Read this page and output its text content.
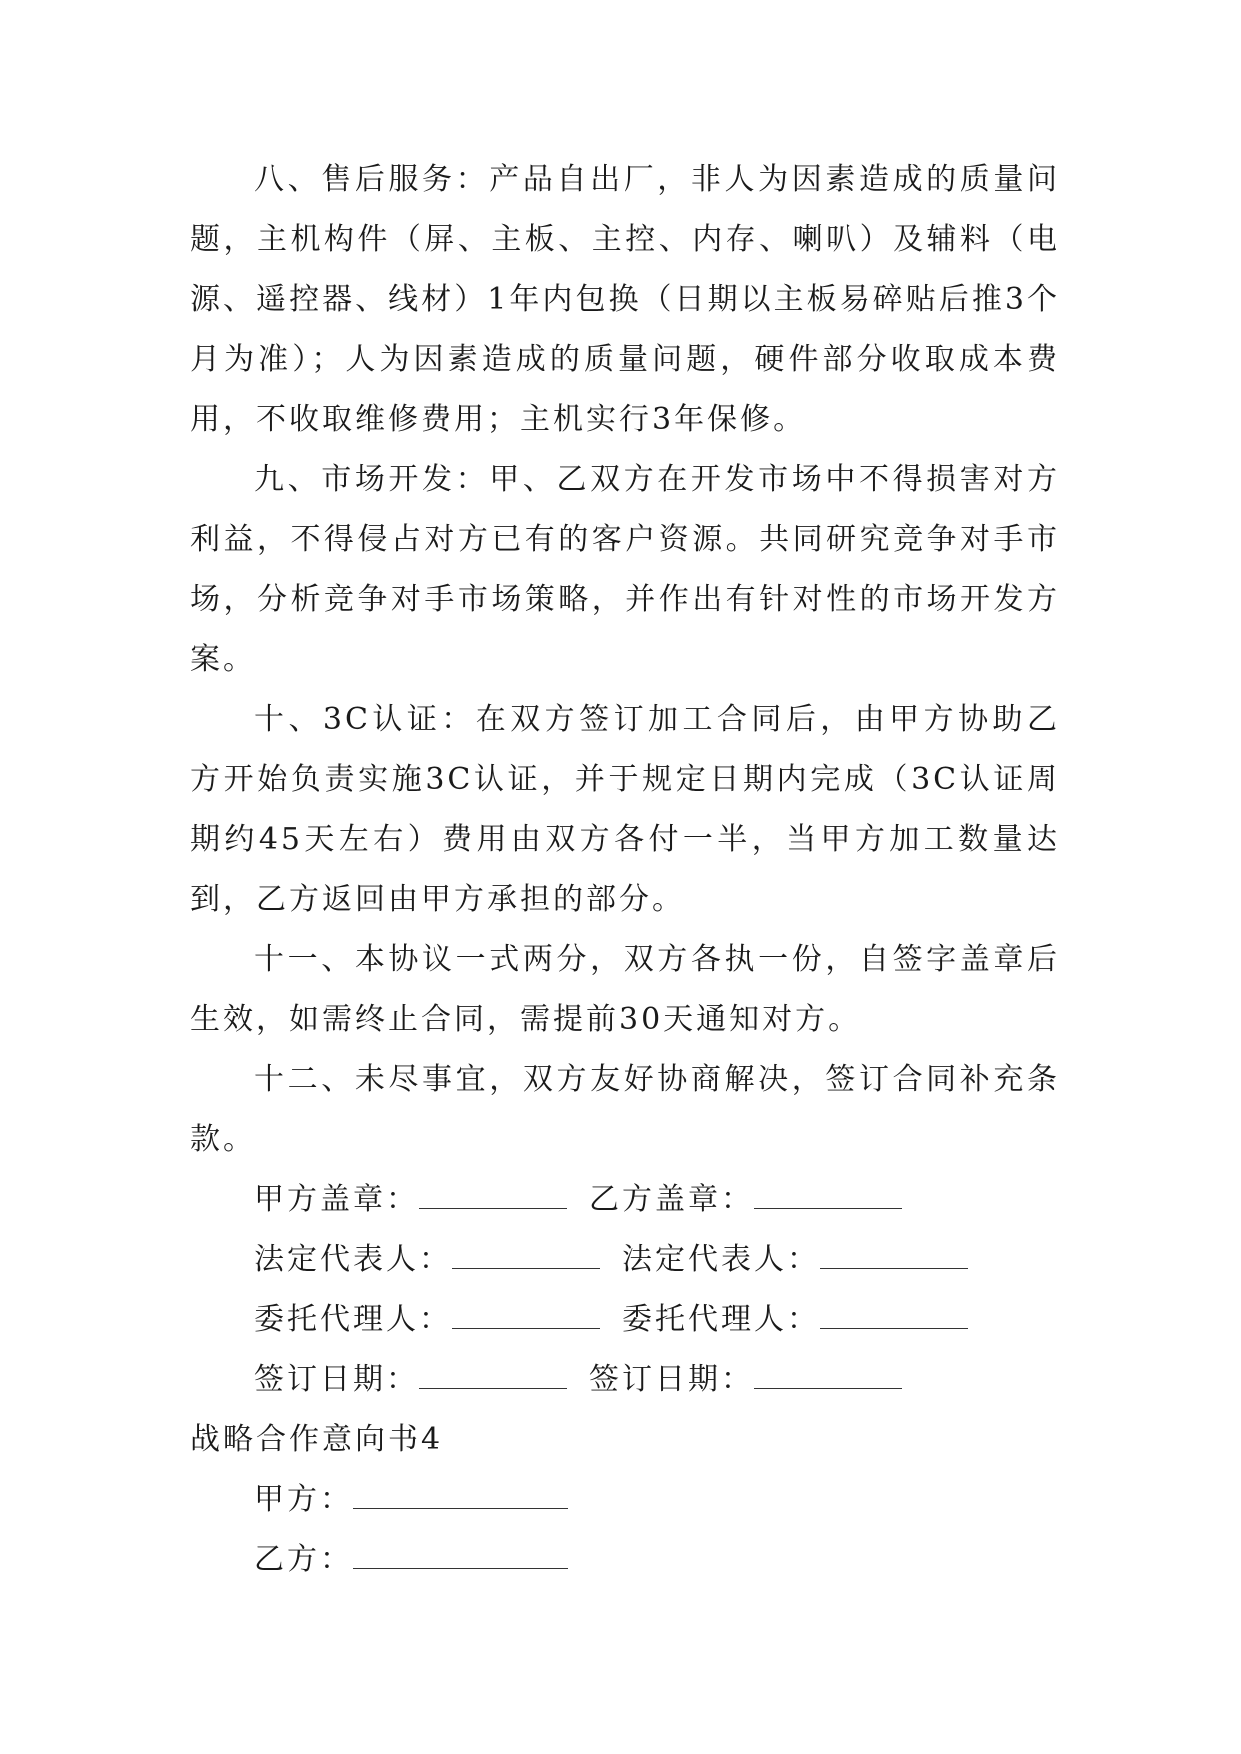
八、售后服务：产品自出厂，非人为因素造成的质量问题，主机构件（屏、主板、主控、内存、喇叭）及辅料（电源、遥控器、线材）1年内包换（日期以主板易碎贴后推3个月为准）；人为因素造成的质量问题，硬件部分收取成本费用，不收取维修费用；主机实行3年保修。

九、市场开发：甲、乙双方在开发市场中不得损害对方利益，不得侵占对方已有的客户资源。共同研究竞争对手市场，分析竞争对手市场策略，并作出有针对性的市场开发方案。

十、3C认证：在双方签订加工合同后，由甲方协助乙方开始负责实施3C认证，并于规定日期内完成（3C认证周期约45天左右）费用由双方各付一半，当甲方加工数量达到，乙方返回由甲方承担的部分。

十一、本协议一式两分，双方各执一份，自签字盖章后生效，如需终止合同，需提前30天通知对方。

十二、未尽事宜，双方友好协商解决，签订合同补充条款。

甲方盖章：	乙方盖章：
法定代表人：	法定代表人：
委托代理人：	委托代理人：
签订日期：	签订日期：

战略合作意向书4

甲方：
乙方：
